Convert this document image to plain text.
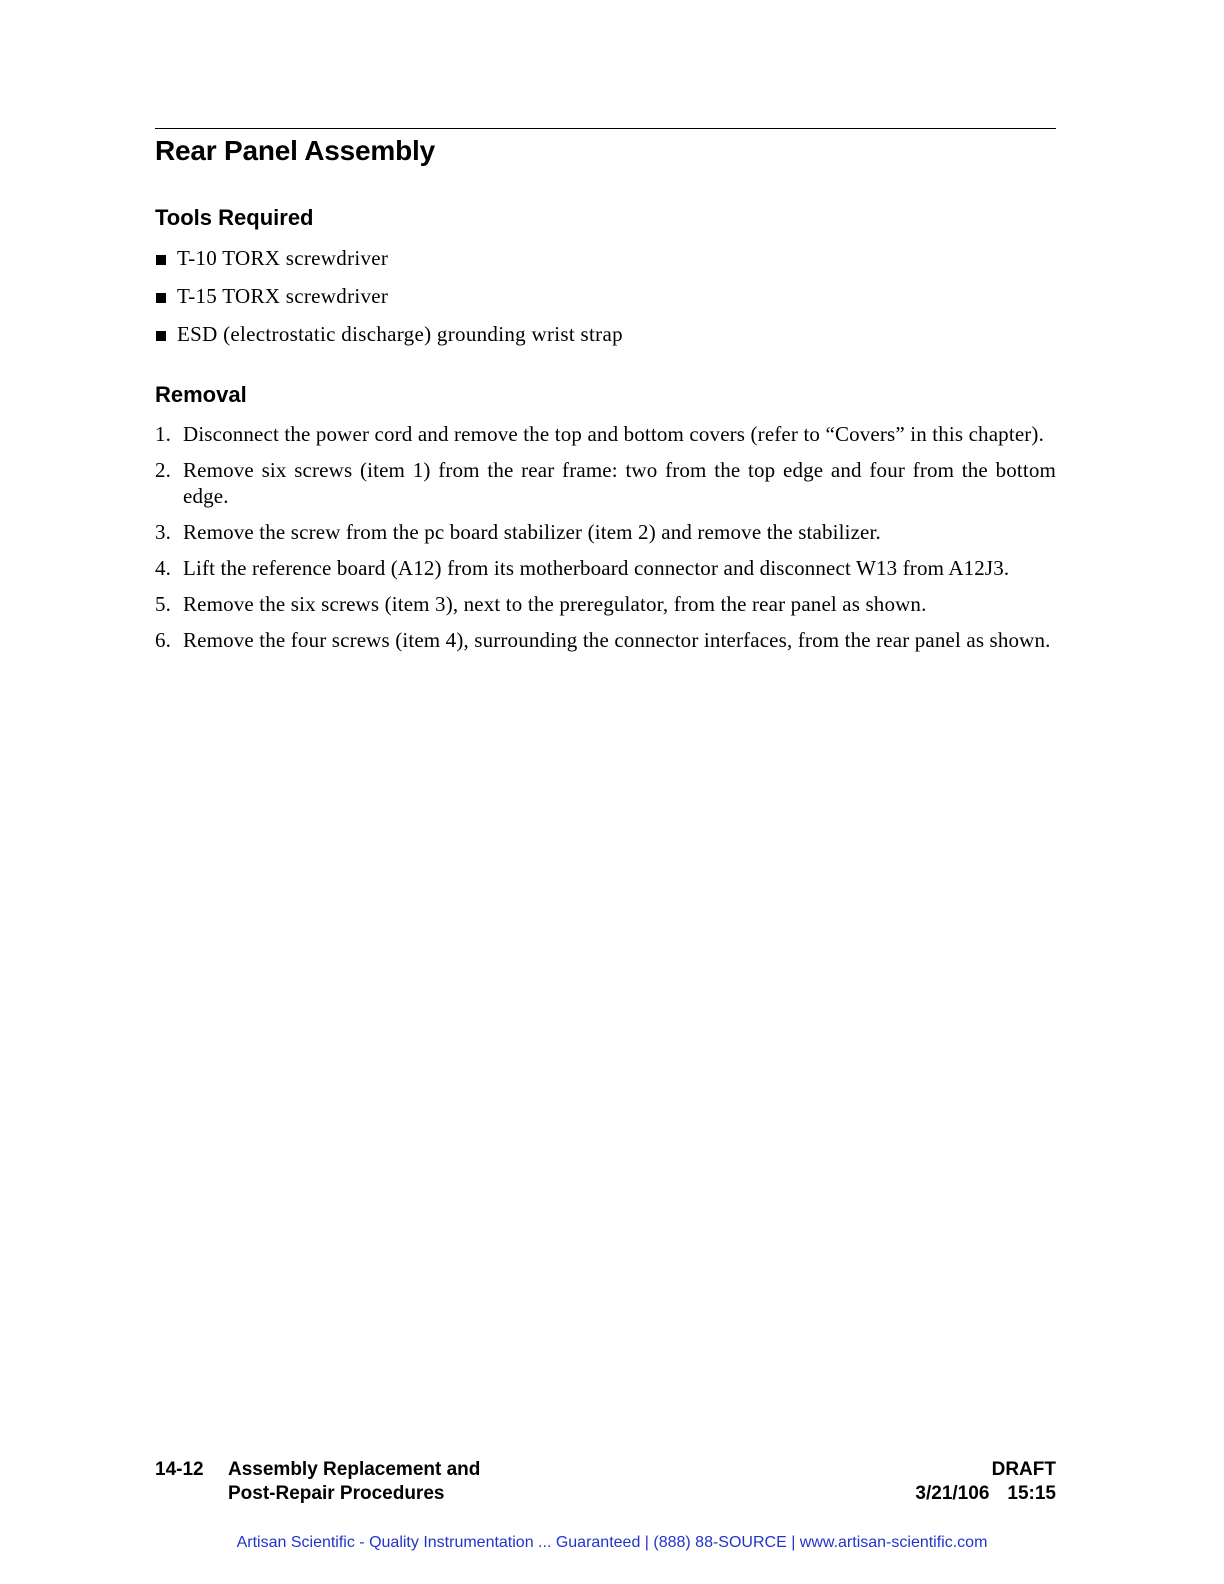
Rear Panel Assembly
Tools Required
T-10 TORX screwdriver
T-15 TORX screwdriver
ESD (electrostatic discharge) grounding wrist strap
Removal
1. Disconnect the power cord and remove the top and bottom covers (refer to “Covers” in this chapter).
2. Remove six screws (item 1) from the rear frame: two from the top edge and four from the bottom edge.
3. Remove the screw from the pc board stabilizer (item 2) and remove the stabilizer.
4. Lift the reference board (A12) from its motherboard connector and disconnect W13 from A12J3.
5. Remove the six screws (item 3), next to the preregulator, from the rear panel as shown.
6. Remove the four screws (item 4), surrounding the connector interfaces, from the rear panel as shown.
14-12 Assembly Replacement and
Post-Repair Procedures
DRAFT
3/21/106 15:15
Artisan Scientific - Quality Instrumentation ... Guaranteed | (888) 88-SOURCE | www.artisan-scientific.com
